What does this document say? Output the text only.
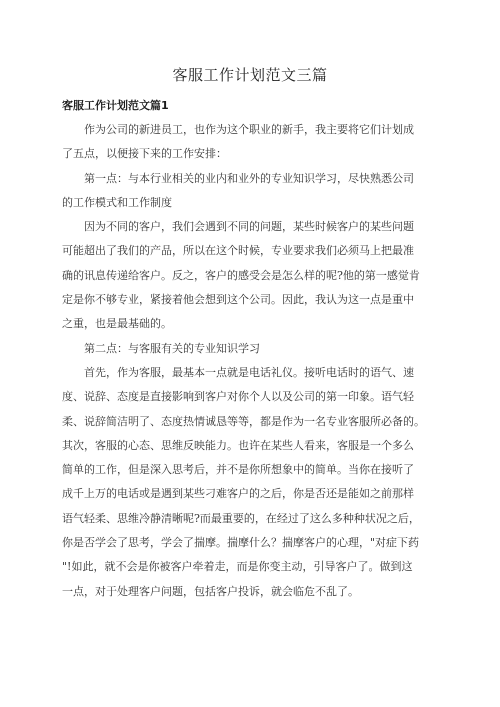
客服工作计划范文三篇
客服工作计划范文篇1
作为公司的新进员工，也作为这个职业的新手，我主要将它们计划成
了五点，以便接下来的工作安排：
第一点：与本行业相关的业内和业外的专业知识学习，尽快熟悉公司
的工作模式和工作制度
因为不同的客户，我们会遇到不同的问题，某些时候客户的某些问题
可能超出了我们的产品，所以在这个时候，专业要求我们必须马上把最准
确的讯息传递给客户。反之，客户的感受会是怎么样的呢?他的第一感觉肯
定是你不够专业，紧接着他会想到这个公司。因此，我认为这一点是重中
之重，也是最基础的。
第二点：与客服有关的专业知识学习
首先，作为客服，最基本一点就是电话礼仪。接听电话时的语气、速
度、说辞、态度是直接影响到客户对你个人以及公司的第一印象。语气轻
柔、说辞简洁明了、态度热情诚恳等等，都是作为一名专业客服所必备的。
其次，客服的心态、思维反映能力。也许在某些人看来，客服是一个多么
简单的工作，但是深入思考后，并不是你所想象中的简单。当你在接听了
成千上万的电话或是遇到某些刁难客户的之后，你是否还是能如之前那样
语气轻柔、思维冷静清晰呢?而最重要的，在经过了这么多种种状况之后，
你是否学会了思考，学会了揣摩。揣摩什么？揣摩客户的心理，"对症下药
"!如此，就不会是你被客户牵着走，而是你变主动，引导客户了。做到这
一点，对于处理客户问题，包括客户投诉，就会临危不乱了。
